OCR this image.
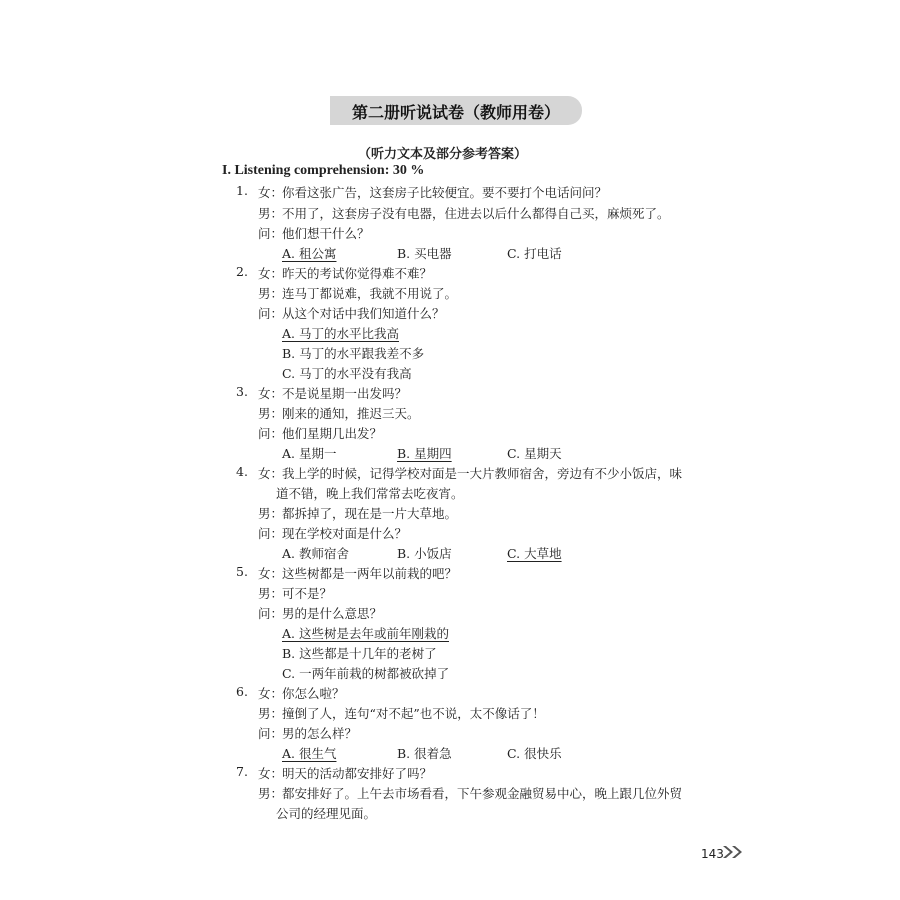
第二册听说试卷（教师用卷）
（听力文本及部分参考答案）
I. Listening comprehension: 30 %
1. 女：
你看这张广告，这套房子比较便宜。要不要打个电话问问？
男：
不用了，这套房子没有电器，住进去以后什么都得自己买，麻烦死了。
问：
他们想干什么？
A. 租公寓	B. 买电器	C. 打电话
2. 女：
昨天的考试你觉得难不难？
男：
连马丁都说难，我就不用说了。
问：
从这个对话中我们知道什么？
A. 马丁的水平比我高
B. 马丁的水平跟我差不多
C. 马丁的水平没有我高
3. 女：
不是说星期一出发吗？
男：
刚来的通知，推迟三天。
问：
他们星期几出发？
A. 星期一	B. 星期四	C. 星期天
4. 女：
我上学的时候，记得学校对面是一大片教师宿舍，旁边有不少小饭店，味
道不错，晚上我们常常去吃夜宵。
男：
都拆掉了，现在是一片大草地。
问：
现在学校对面是什么？
A. 教师宿舍	B. 小饭店	C. 大草地
5. 女：
这些树都是一两年以前栽的吧？
男：
可不是？
问：
男的是什么意思？
A. 这些树是去年或前年刚栽的
B. 这些都是十几年的老树了
C. 一两年前栽的树都被砍掉了
6. 女：
你怎么啦？
男：
撞倒了人，连句“对不起”也不说，太不像话了！
问：
男的怎么样？
A. 很生气	B. 很着急	C. 很快乐
7. 女：
明天的活动都安排好了吗？
男：
都安排好了。上午去市场看看，下午参观金融贸易中心，晚上跟几位外贸
公司的经理见面。
143
